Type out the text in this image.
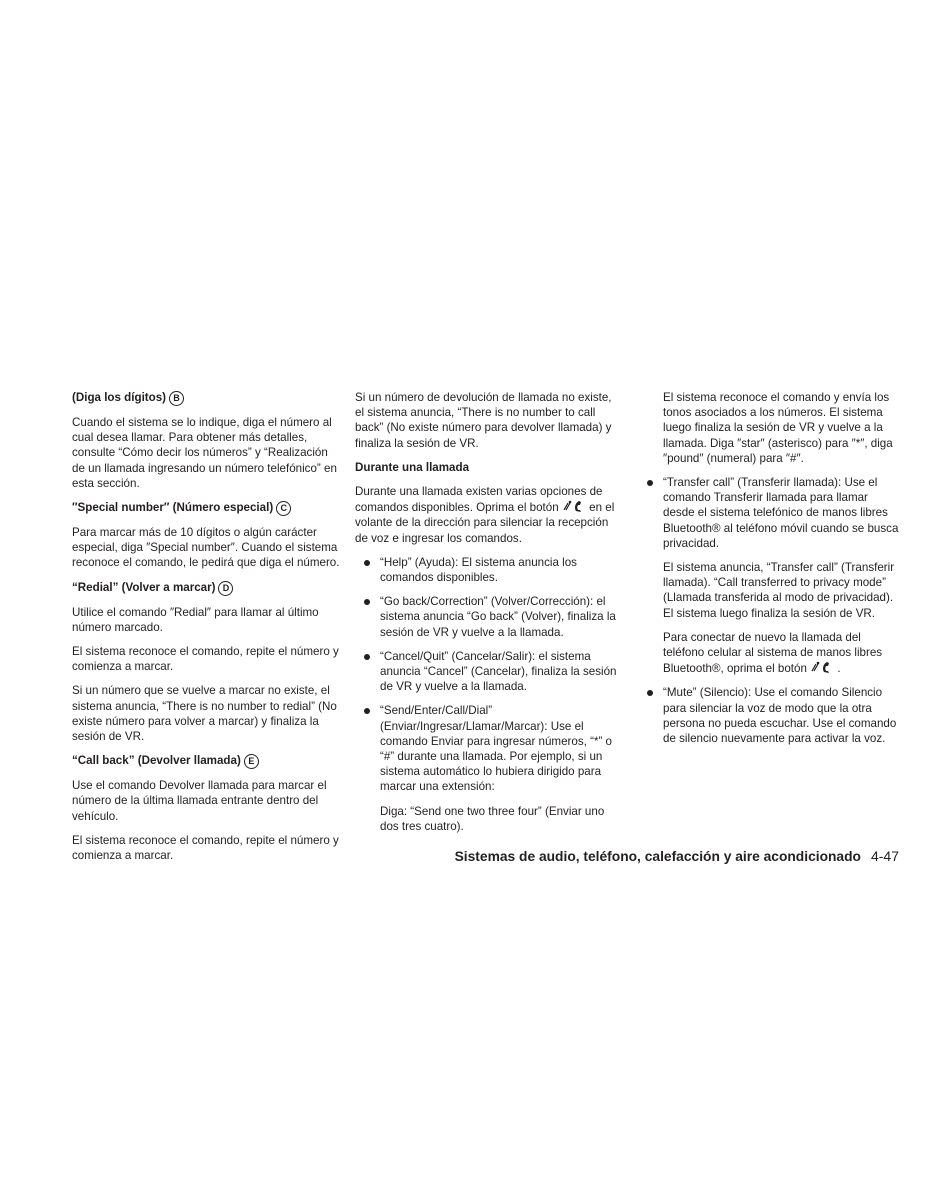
(Diga los dígitos) B
Cuando el sistema se lo indique, diga el número al cual desea llamar. Para obtener más detalles, consulte “Cómo decir los números” y “Realización de un llamada ingresando un número telefónico” en esta sección.
″Special number″ (Número especial) C
Para marcar más de 10 dígitos o algún carácter especial, diga ″Special number″. Cuando el sistema reconoce el comando, le pedirá que diga el número.
“Redial” (Volver a marcar) D
Utilice el comando ″Redial″ para llamar al último número marcado.
El sistema reconoce el comando, repite el número y comienza a marcar.
Si un número que se vuelve a marcar no existe, el sistema anuncia, “There is no number to redial” (No existe número para volver a marcar) y finaliza la sesión de VR.
“Call back” (Devolver llamada) E
Use el comando Devolver llamada para marcar el número de la última llamada entrante dentro del vehículo.
El sistema reconoce el comando, repite el número y comienza a marcar.
Si un número de devolución de llamada no existe, el sistema anuncia, “There is no number to call back” (No existe número para devolver llamada) y finaliza la sesión de VR.
Durante una llamada
Durante una llamada existen varias opciones de comandos disponibles. Oprima el botón	en el volante de la dirección para silenciar la recepción de voz e ingresar los comandos.
“Help” (Ayuda): El sistema anuncia los comandos disponibles.
“Go back/Correction” (Volver/Corrección): el sistema anuncia “Go back” (Volver), finaliza la sesión de VR y vuelve a la llamada.
“Cancel/Quit” (Cancelar/Salir): el sistema anuncia “Cancel” (Cancelar), finaliza la sesión de VR y vuelve a la llamada.
“Send/Enter/Call/Dial” (Enviar/Ingresar/Llamar/Marcar): Use el comando Enviar para ingresar números, “*” o “#” durante una llamada. Por ejemplo, si un sistema automático lo hubiera dirigido para marcar una extensión:
Diga: “Send one two three four” (Enviar uno dos tres cuatro).
El sistema reconoce el comando y envía los tonos asociados a los números. El sistema luego finaliza la sesión de VR y vuelve a la llamada. Diga ″star″ (asterisco) para ″*″, diga ″pound″ (numeral) para ″#″.
“Transfer call” (Transferir llamada): Use el comando Transferir llamada para llamar desde el sistema telefónico de manos libres Bluetooth® al teléfono móvil cuando se busca privacidad.
El sistema anuncia, “Transfer call” (Transferir llamada). “Call transferred to privacy mode” (Llamada transferida al modo de privacidad). El sistema luego finaliza la sesión de VR.
Para conectar de nuevo la llamada del teléfono celular al sistema de manos libres Bluetooth®, oprima el botón	.
“Mute” (Silencio): Use el comando Silencio para silenciar la voz de modo que la otra persona no pueda escuchar. Use el comando de silencio nuevamente para activar la voz.
Sistemas de audio, teléfono, calefacción y aire acondicionado 4-47
